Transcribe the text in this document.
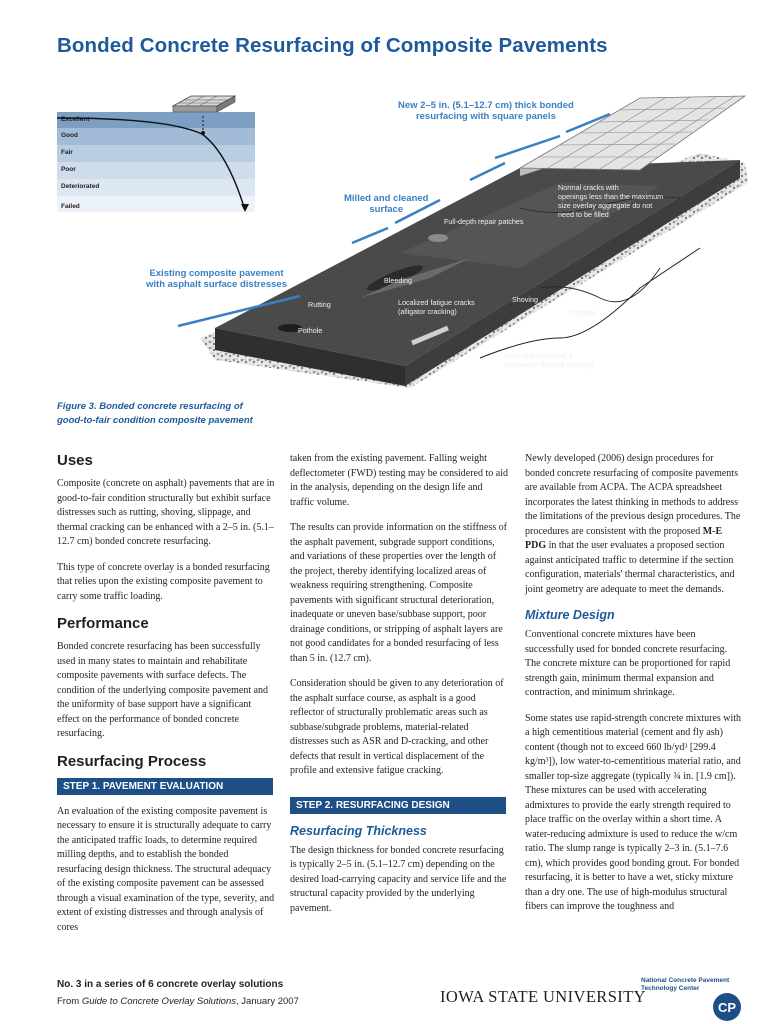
Bonded Concrete Resurfacing of Composite Pavements
New 2–5 in. (5.1–12.7 cm) thick bonded
resurfacing with square panels
Milled and cleaned
surface
Existing composite pavement
with asphalt surface distresses
Normal cracks with
openings less than the maximum
size overlay aggregate do not
need to be filled
Full-depth repair patches
Bleeding
Rutting	Localized fatigue cracks
(alligator cracking)
Shoving
Slippage
Pothole
Normal longitudinal &
transverse thermal cracking
Excellent
Good
Fair
Poor
Deteriorated
Failed
Figure 3. Bonded concrete resurfacing of
good-to-fair condition composite pavement
Uses

Composite (concrete on asphalt) pavements that are in good-to-fair condition structurally but exhibit surface distresses such as rutting, shoving, slippage, and thermal cracking can be enhanced with a 2–5 in. (5.1–12.7 cm) bonded concrete resurfacing.

This type of concrete overlay is a bonded resurfacing that relies upon the existing composite pavement to carry some traffic loading.

Performance

Bonded concrete resurfacing has been successfully used in many states to maintain and rehabilitate composite pavements with surface defects. The condition of the underlying composite pavement and the uniformity of base support have a significant effect on the performance of bonded concrete resurfacing.

Resurfacing Process
STEP 1. PAVEMENT EVALUATION

An evaluation of the existing composite pavement is necessary to ensure it is structurally adequate to carry the anticipated traffic loads, to determine required milling depths, and to establish the bonded resurfacing design thickness. The structural adequacy of the existing composite pavement can be assessed through a visual examination of the type, severity, and extent of existing distresses and through analysis of cores

taken from the existing pavement. Falling weight deflectometer (FWD) testing may be considered to aid in the analysis, depending on the design life and traffic volume.

The results can provide information on the stiffness of the asphalt pavement, subgrade support conditions, and variations of these properties over the length of the project, thereby identifying localized areas of weakness requiring strengthening. Composite pavements with significant structural deterioration, inadequate or uneven base/subbase support, poor drainage conditions, or stripping of asphalt layers are not good candidates for a bonded resurfacing of less than 5 in. (12.7 cm).

Consideration should be given to any deterioration of the asphalt surface course, as asphalt is a good reflector of structurally problematic areas such as subbase/subgrade problems, material-related distresses such as ASR and D-cracking, and other defects that result in vertical displacement of the profile and extensive fatigue cracking.

STEP 2. RESURFACING DESIGN
Resurfacing Thickness

The design thickness for bonded concrete resurfacing is typically 2–5 in. (5.1–12.7 cm) depending on the desired load-carrying capacity and service life and the structural capacity provided by the underlying pavement.

Newly developed (2006) design procedures for bonded concrete resurfacing of composite pavements are available from ACPA. The ACPA spreadsheet incorporates the latest thinking in methods to address the limitations of the previous design procedures. The procedures are consistent with the proposed M-E PDG in that the user evaluates a proposed section against anticipated traffic to determine if the section configuration, materials' thermal characteristics, and joint geometry are adequate to meet the demands.

Mixture Design

Conventional concrete mixtures have been successfully used for bonded concrete resurfacing. The concrete mixture can be proportioned for rapid strength gain, minimum thermal expansion and contraction, and minimum shrinkage.

Some states use rapid-strength concrete mixtures with a high cementitious material (cement and fly ash) content (though not to exceed 660 lb/yd³ [299.4 kg/m³]), low water-to-cementitious material ratio, and smaller top-size aggregate (typically ¾ in. [1.9 cm]). These mixtures can be used with accelerating admixtures to provide the early strength required to place traffic on the overlay within a short time. A water-reducing admixture is used to reduce the w/cm ratio. The slump range is typically 2–3 in. (5.1–7.6 cm), which provides good bonding grout. For bonded resurfacing, it is better to have a wet, sticky mixture than a dry one. The use of high-modulus structural fibers can improve the toughness and

No. 3 in a series of 6 concrete overlay solutions
From Guide to Concrete Overlay Solutions, January 2007	IOWA STATE UNIVERSITY
National Concrete Pavement
Technology Center
CP
